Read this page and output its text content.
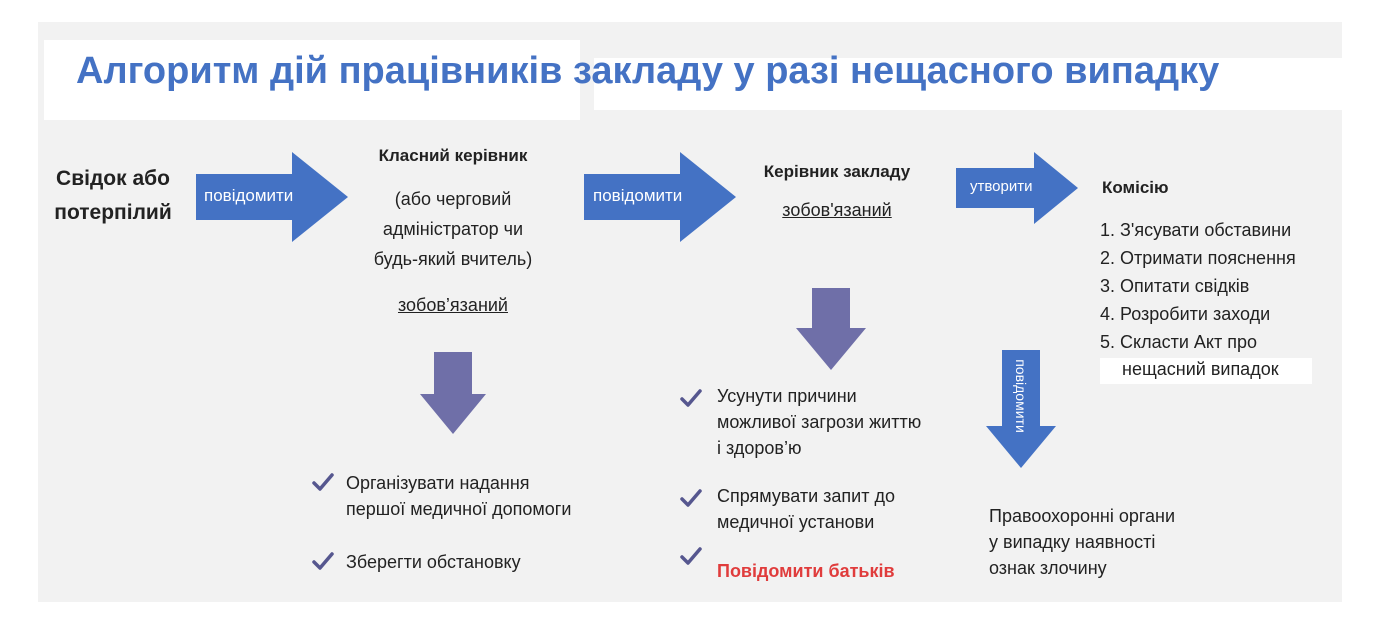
Алгоритм дій працівників закладу у разі нещасного випадку
Свідок або
потерпілий
повідомити
Класний керівник
(або черговий
адміністратор чи
будь-який вчитель)
зобов’язаний
Організувати надання
першої медичної допомоги
Зберегти обстановку
повідомити
Керівник закладу
зобов'язаний
Усунути причини
можливої загрози життю
і здоров’ю
Спрямувати запит до
медичної установи
Повідомити батьків
утворити	Комісію
1. З'ясувати обставини
2. Отримати пояснення
3. Опитати свідків
4. Розробити заходи
5. Скласти Акт про
нещасний випадок
повідомити
Правоохоронні органи
у випадку наявності
ознак злочину
